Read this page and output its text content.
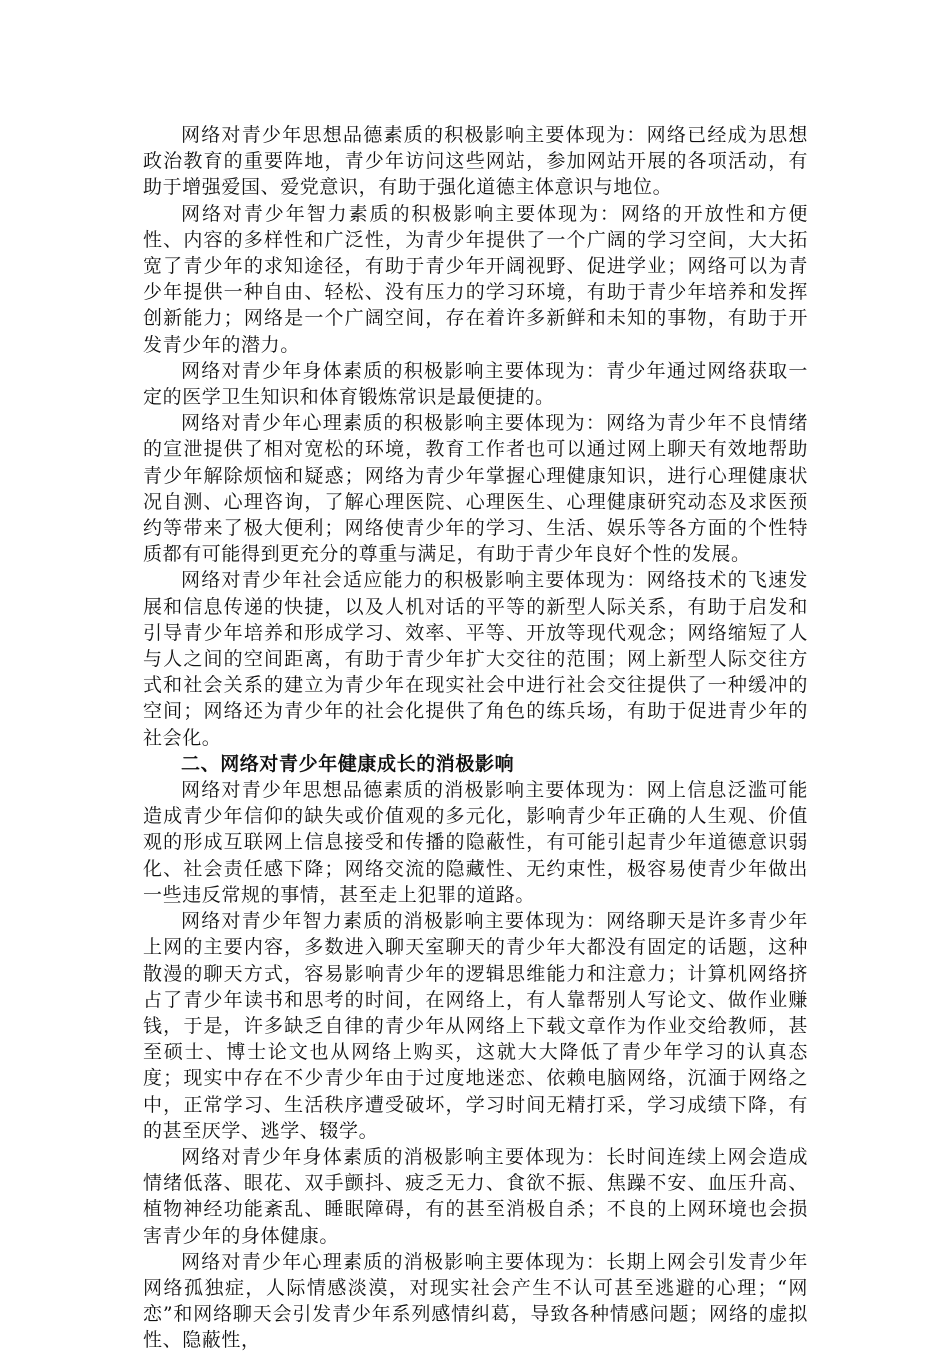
网络对青少年思想品德素质的积极影响主要体现为：网络已经成为思想政治教育的重要阵地，青少年访问这些网站，参加网站开展的各项活动，有助于增强爱国、爱党意识，有助于强化道德主体意识与地位。

网络对青少年智力素质的积极影响主要体现为：网络的开放性和方便性、内容的多样性和广泛性，为青少年提供了一个广阔的学习空间，大大拓宽了青少年的求知途径，有助于青少年开阔视野、促进学业；网络可以为青少年提供一种自由、轻松、没有压力的学习环境，有助于青少年培养和发挥创新能力；网络是一个广阔空间，存在着许多新鲜和未知的事物，有助于开发青少年的潜力。

网络对青少年身体素质的积极影响主要体现为：青少年通过网络获取一定的医学卫生知识和体育锻炼常识是最便捷的。

网络对青少年心理素质的积极影响主要体现为：网络为青少年不良情绪的宣泄提供了相对宽松的环境，教育工作者也可以通过网上聊天有效地帮助青少年解除烦恼和疑惑；网络为青少年掌握心理健康知识，进行心理健康状况自测、心理咨询，了解心理医院、心理医生、心理健康研究动态及求医预约等带来了极大便利；网络使青少年的学习、生活、娱乐等各方面的个性特质都有可能得到更充分的尊重与满足，有助于青少年良好个性的发展。

网络对青少年社会适应能力的积极影响主要体现为：网络技术的飞速发展和信息传递的快捷，以及人机对话的平等的新型人际关系，有助于启发和引导青少年培养和形成学习、效率、平等、开放等现代观念；网络缩短了人与人之间的空间距离，有助于青少年扩大交往的范围；网上新型人际交往方式和社会关系的建立为青少年在现实社会中进行社会交往提供了一种缓冲的空间；网络还为青少年的社会化提供了角色的练兵场，有助于促进青少年的社会化。

二、网络对青少年健康成长的消极影响

网络对青少年思想品德素质的消极影响主要体现为：网上信息泛滥可能造成青少年信仰的缺失或价值观的多元化，影响青少年正确的人生观、价值观的形成互联网上信息接受和传播的隐蔽性，有可能引起青少年道德意识弱化、社会责任感下降；网络交流的隐藏性、无约束性，极容易使青少年做出一些违反常规的事情，甚至走上犯罪的道路。

网络对青少年智力素质的消极影响主要体现为：网络聊天是许多青少年上网的主要内容，多数进入聊天室聊天的青少年大都没有固定的话题，这种散漫的聊天方式，容易影响青少年的逻辑思维能力和注意力；计算机网络挤占了青少年读书和思考的时间，在网络上，有人靠帮别人写论文、做作业赚钱，于是，许多缺乏自律的青少年从网络上下载文章作为作业交给教师，甚至硕士、博士论文也从网络上购买，这就大大降低了青少年学习的认真态度；现实中存在不少青少年由于过度地迷恋、依赖电脑网络，沉湎于网络之中，正常学习、生活秩序遭受破坏，学习时间无精打采，学习成绩下降，有的甚至厌学、逃学、辍学。

网络对青少年身体素质的消极影响主要体现为：长时间连续上网会造成情绪低落、眼花、双手颤抖、疲乏无力、食欲不振、焦躁不安、血压升高、植物神经功能紊乱、睡眠障碍，有的甚至消极自杀；不良的上网环境也会损害青少年的身体健康。

网络对青少年心理素质的消极影响主要体现为：长期上网会引发青少年网络孤独症，人际情感淡漠，对现实社会产生不认可甚至逃避的心理；“网恋”和网络聊天会引发青少年系列感情纠葛，导致各种情感问题；网络的虚拟性、隐蔽性，
